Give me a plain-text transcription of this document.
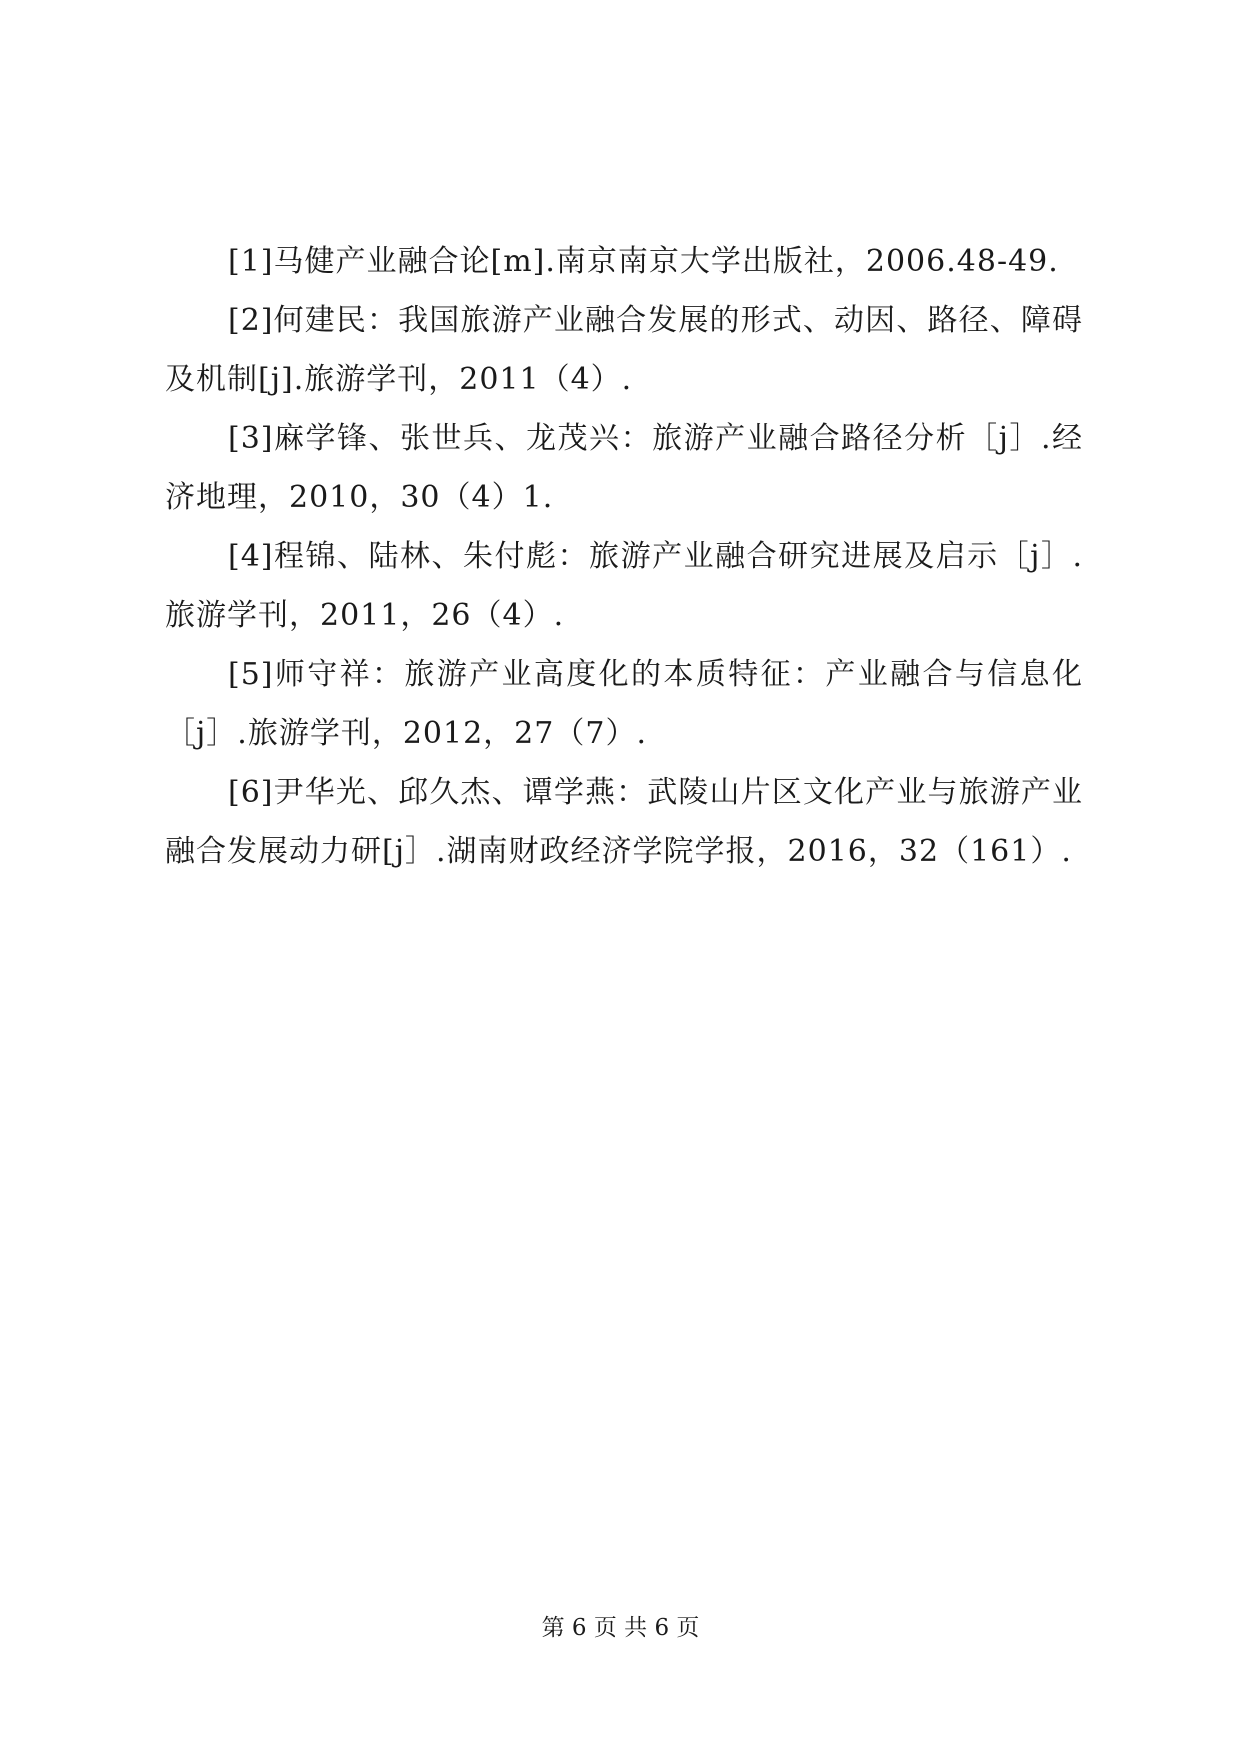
[1]马健产业融合论[m].南京南京大学出版社，2006.48-49.

[2]何建民：我国旅游产业融合发展的形式、动因、路径、障碍及机制[j].旅游学刊，2011（4）.

[3]麻学锋、张世兵、龙茂兴：旅游产业融合路径分析［j］.经济地理，2010，30（4）1.

[4]程锦、陆林、朱付彪：旅游产业融合研究进展及启示［j］.旅游学刊，2011，26（4）.

[5]师守祥：旅游产业高度化的本质特征：产业融合与信息化［j］.旅游学刊，2012，27（7）.

[6]尹华光、邱久杰、谭学燕：武陵山片区文化产业与旅游产业融合发展动力研[j］.湖南财政经济学院学报，2016，32（161）.

第 6 页 共 6 页
